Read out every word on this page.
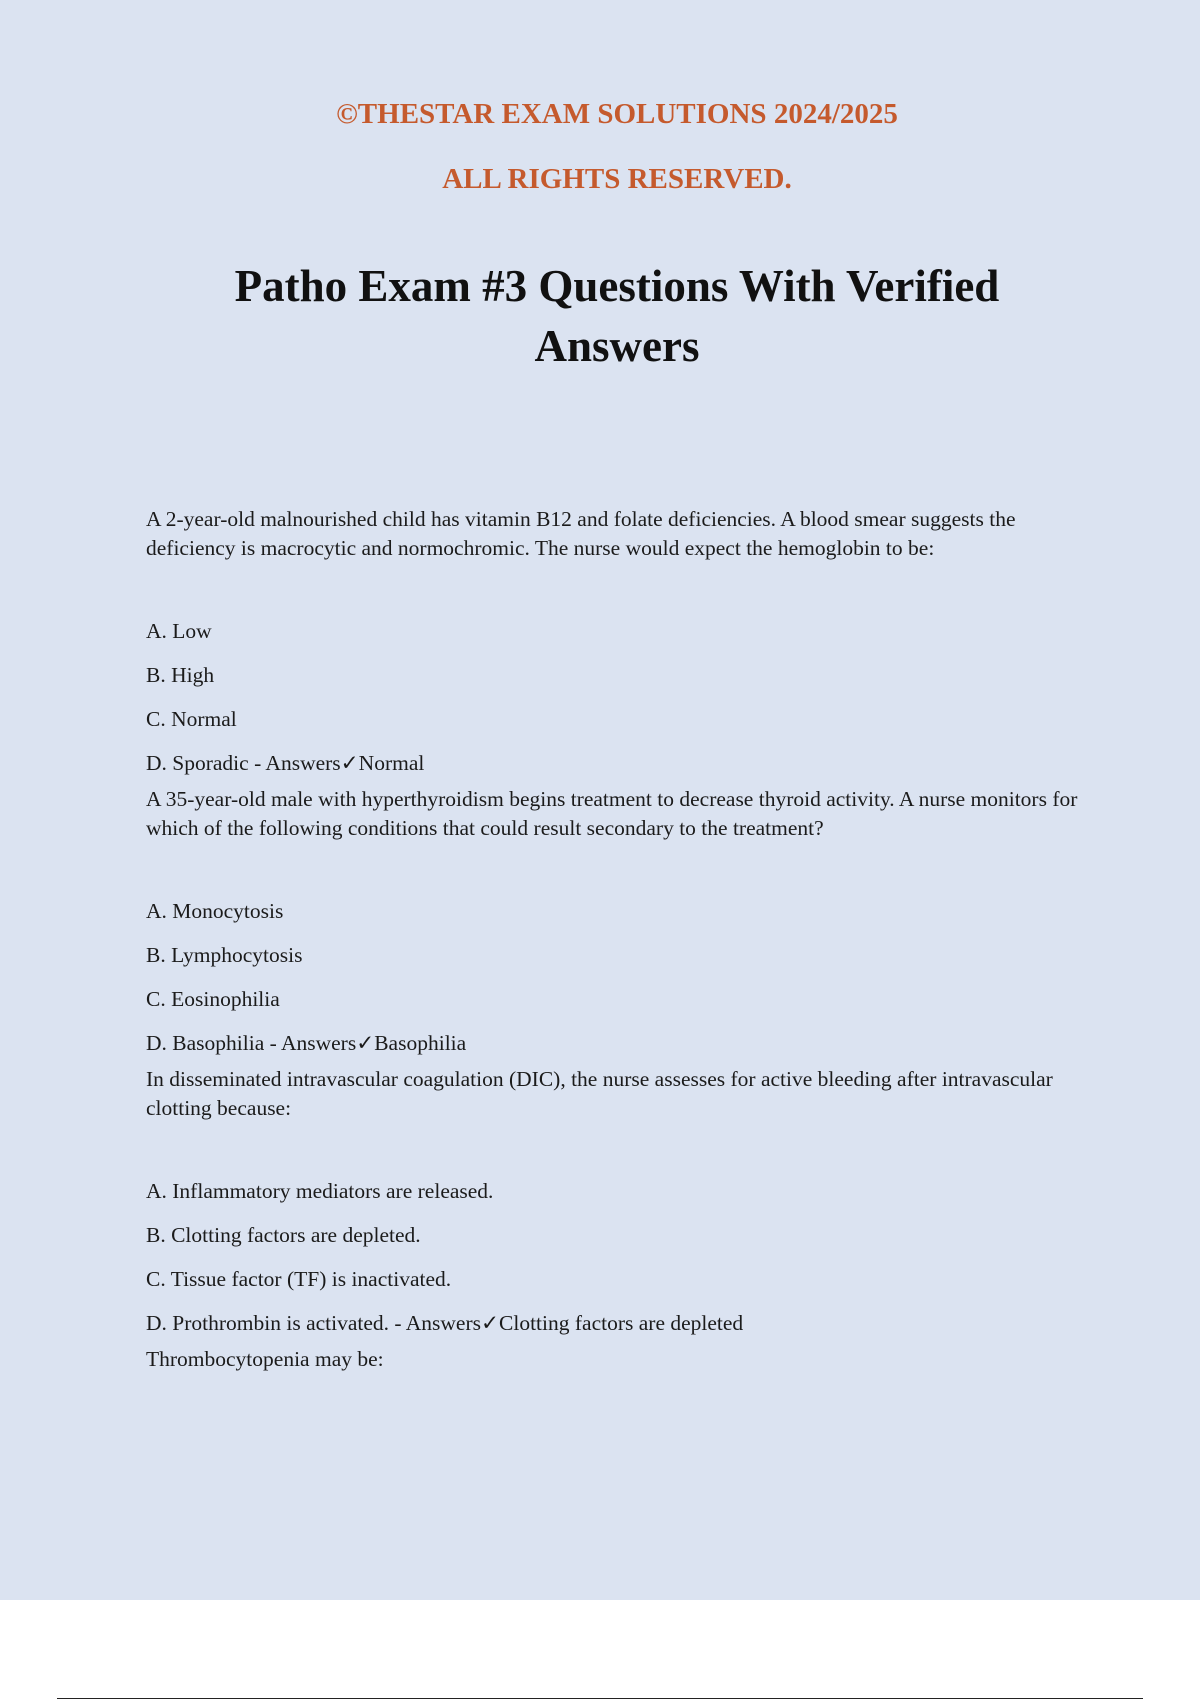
©THESTAR EXAM SOLUTIONS 2024/2025
ALL RIGHTS RESERVED.
Patho Exam #3 Questions With Verified
Answers

A 2-year-old malnourished child has vitamin B12 and folate deficiencies. A blood smear suggests the deficiency is macrocytic and normochromic. The nurse would expect the hemoglobin to be:

A. Low

B. High

C. Normal

D. Sporadic - Answers✓Normal

A 35-year-old male with hyperthyroidism begins treatment to decrease thyroid activity. A nurse monitors for which of the following conditions that could result secondary to the treatment?

A. Monocytosis

B. Lymphocytosis

C. Eosinophilia

D. Basophilia - Answers✓Basophilia

In disseminated intravascular coagulation (DIC), the nurse assesses for active bleeding after intravascular clotting because:

A. Inflammatory mediators are released.

B. Clotting factors are depleted.

C. Tissue factor (TF) is inactivated.

D. Prothrombin is activated. - Answers✓Clotting factors are depleted

Thrombocytopenia may be:
